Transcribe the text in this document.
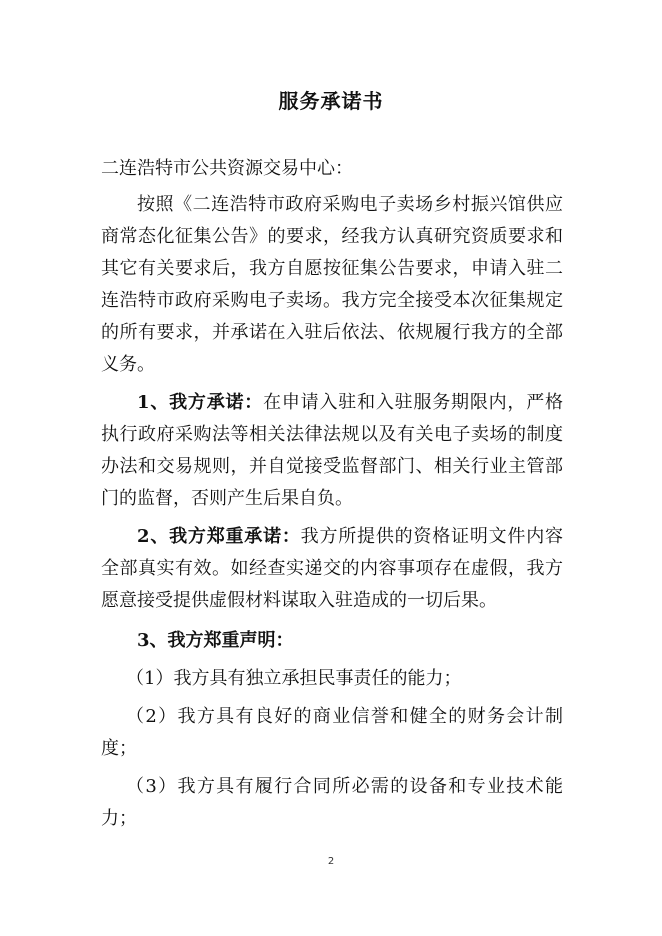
服务承诺书

二连浩特市公共资源交易中心：

按照《二连浩特市政府采购电子卖场乡村振兴馆供应商常态化征集公告》的要求，经我方认真研究资质要求和其它有关要求后，我方自愿按征集公告要求，申请入驻二连浩特市政府采购电子卖场。我方完全接受本次征集规定的所有要求，并承诺在入驻后依法、依规履行我方的全部义务。

1、我方承诺：在申请入驻和入驻服务期限内，严格执行政府采购法等相关法律法规以及有关电子卖场的制度办法和交易规则，并自觉接受监督部门、相关行业主管部门的监督，否则产生后果自负。

2、我方郑重承诺：我方所提供的资格证明文件内容全部真实有效。如经查实递交的内容事项存在虚假，我方愿意接受提供虚假材料谋取入驻造成的一切后果。

3、我方郑重声明：

（1）我方具有独立承担民事责任的能力；

（2）我方具有良好的商业信誉和健全的财务会计制度；

（3）我方具有履行合同所必需的设备和专业技术能力；

2
